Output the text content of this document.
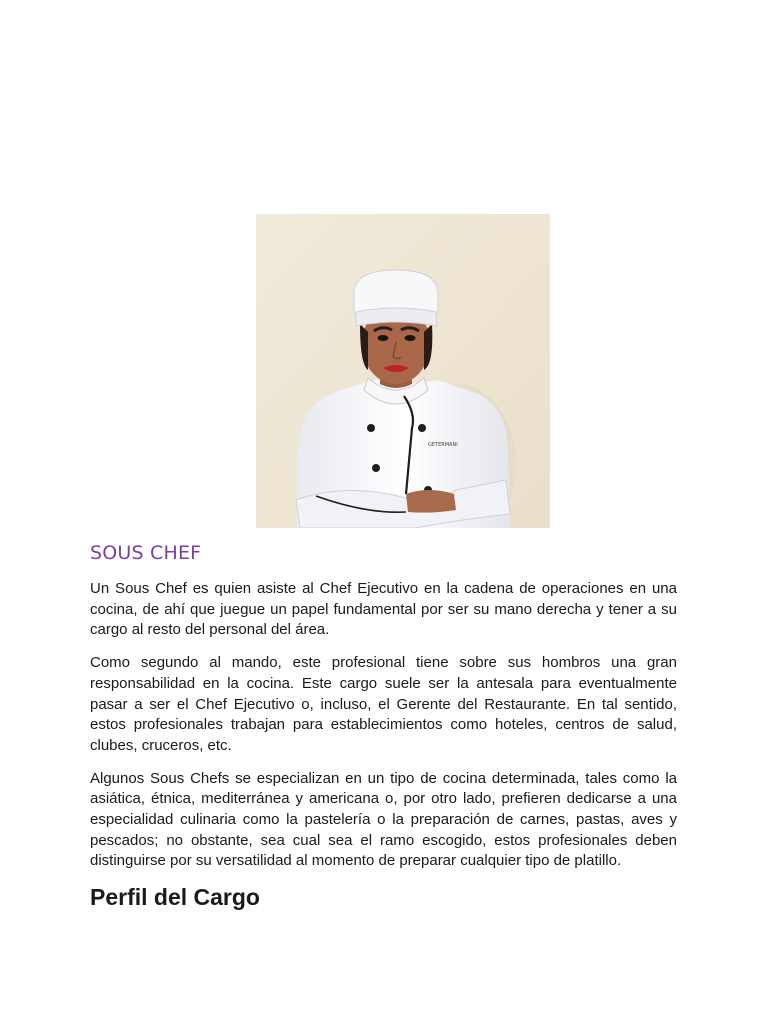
GETERMANI
SOUS CHEF

Un Sous Chef es quien asiste al Chef Ejecutivo en la cadena de operaciones en una cocina, de ahí que juegue un papel fundamental por ser su mano derecha y tener a su cargo al resto del personal del área.

Como segundo al mando, este profesional tiene sobre sus hombros una gran responsabilidad en la cocina. Este cargo suele ser la antesala para eventualmente pasar a ser el Chef Ejecutivo o, incluso, el Gerente del Restaurante. En tal sentido, estos profesionales trabajan para establecimientos como hoteles, centros de salud, clubes, cruceros, etc.

Algunos Sous Chefs se especializan en un tipo de cocina determinada, tales como la asiática, étnica, mediterránea y americana o, por otro lado, prefieren dedicarse a una especialidad culinaria como la pastelería o la preparación de carnes, pastas, aves y pescados; no obstante, sea cual sea el ramo escogido, estos profesionales deben distinguirse por su versatilidad al momento de preparar cualquier tipo de platillo.

Perfil del Cargo
